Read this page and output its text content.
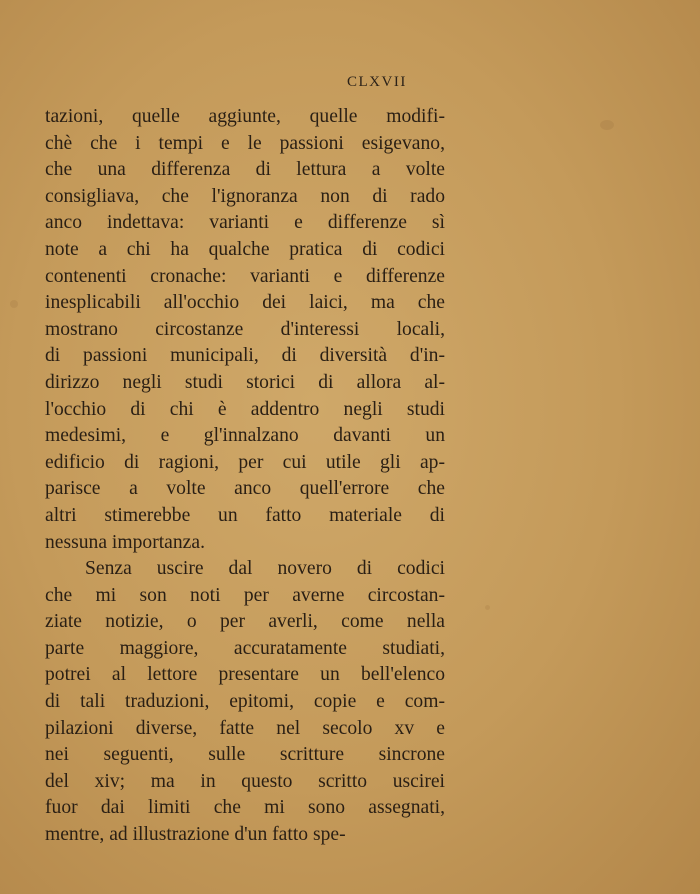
CLXVII
tazioni, quelle aggiunte, quelle modifi-
chè che i tempi e le passioni esigevano,
che una differenza di lettura a volte
consigliava, che l'ignoranza non di rado
anco indettava: varianti e differenze sì
note a chi ha qualche pratica di codici
contenenti cronache: varianti e differenze
inesplicabili all'occhio dei laici, ma che
mostrano circostanze d'interessi locali,
di passioni municipali, di diversità d'in-
dirizzo negli studi storici di allora al-
l'occhio di chi è addentro negli studi
medesimi, e gl'innalzano davanti un
edificio di ragioni, per cui utile gli ap-
parisce a volte anco quell'errore che
altri stimerebbe un fatto materiale di
nessuna importanza.
Senza uscire dal novero di codici
che mi son noti per averne circostan-
ziate notizie, o per averli, come nella
parte maggiore, accuratamente studiati,
potrei al lettore presentare un bell'elenco
di tali traduzioni, epitomi, copie e com-
pilazioni diverse, fatte nel secolo xv e
nei seguenti, sulle scritture sincrone
del xiv; ma in questo scritto uscirei
fuor dai limiti che mi sono assegnati,
mentre, ad illustrazione d'un fatto spe-
